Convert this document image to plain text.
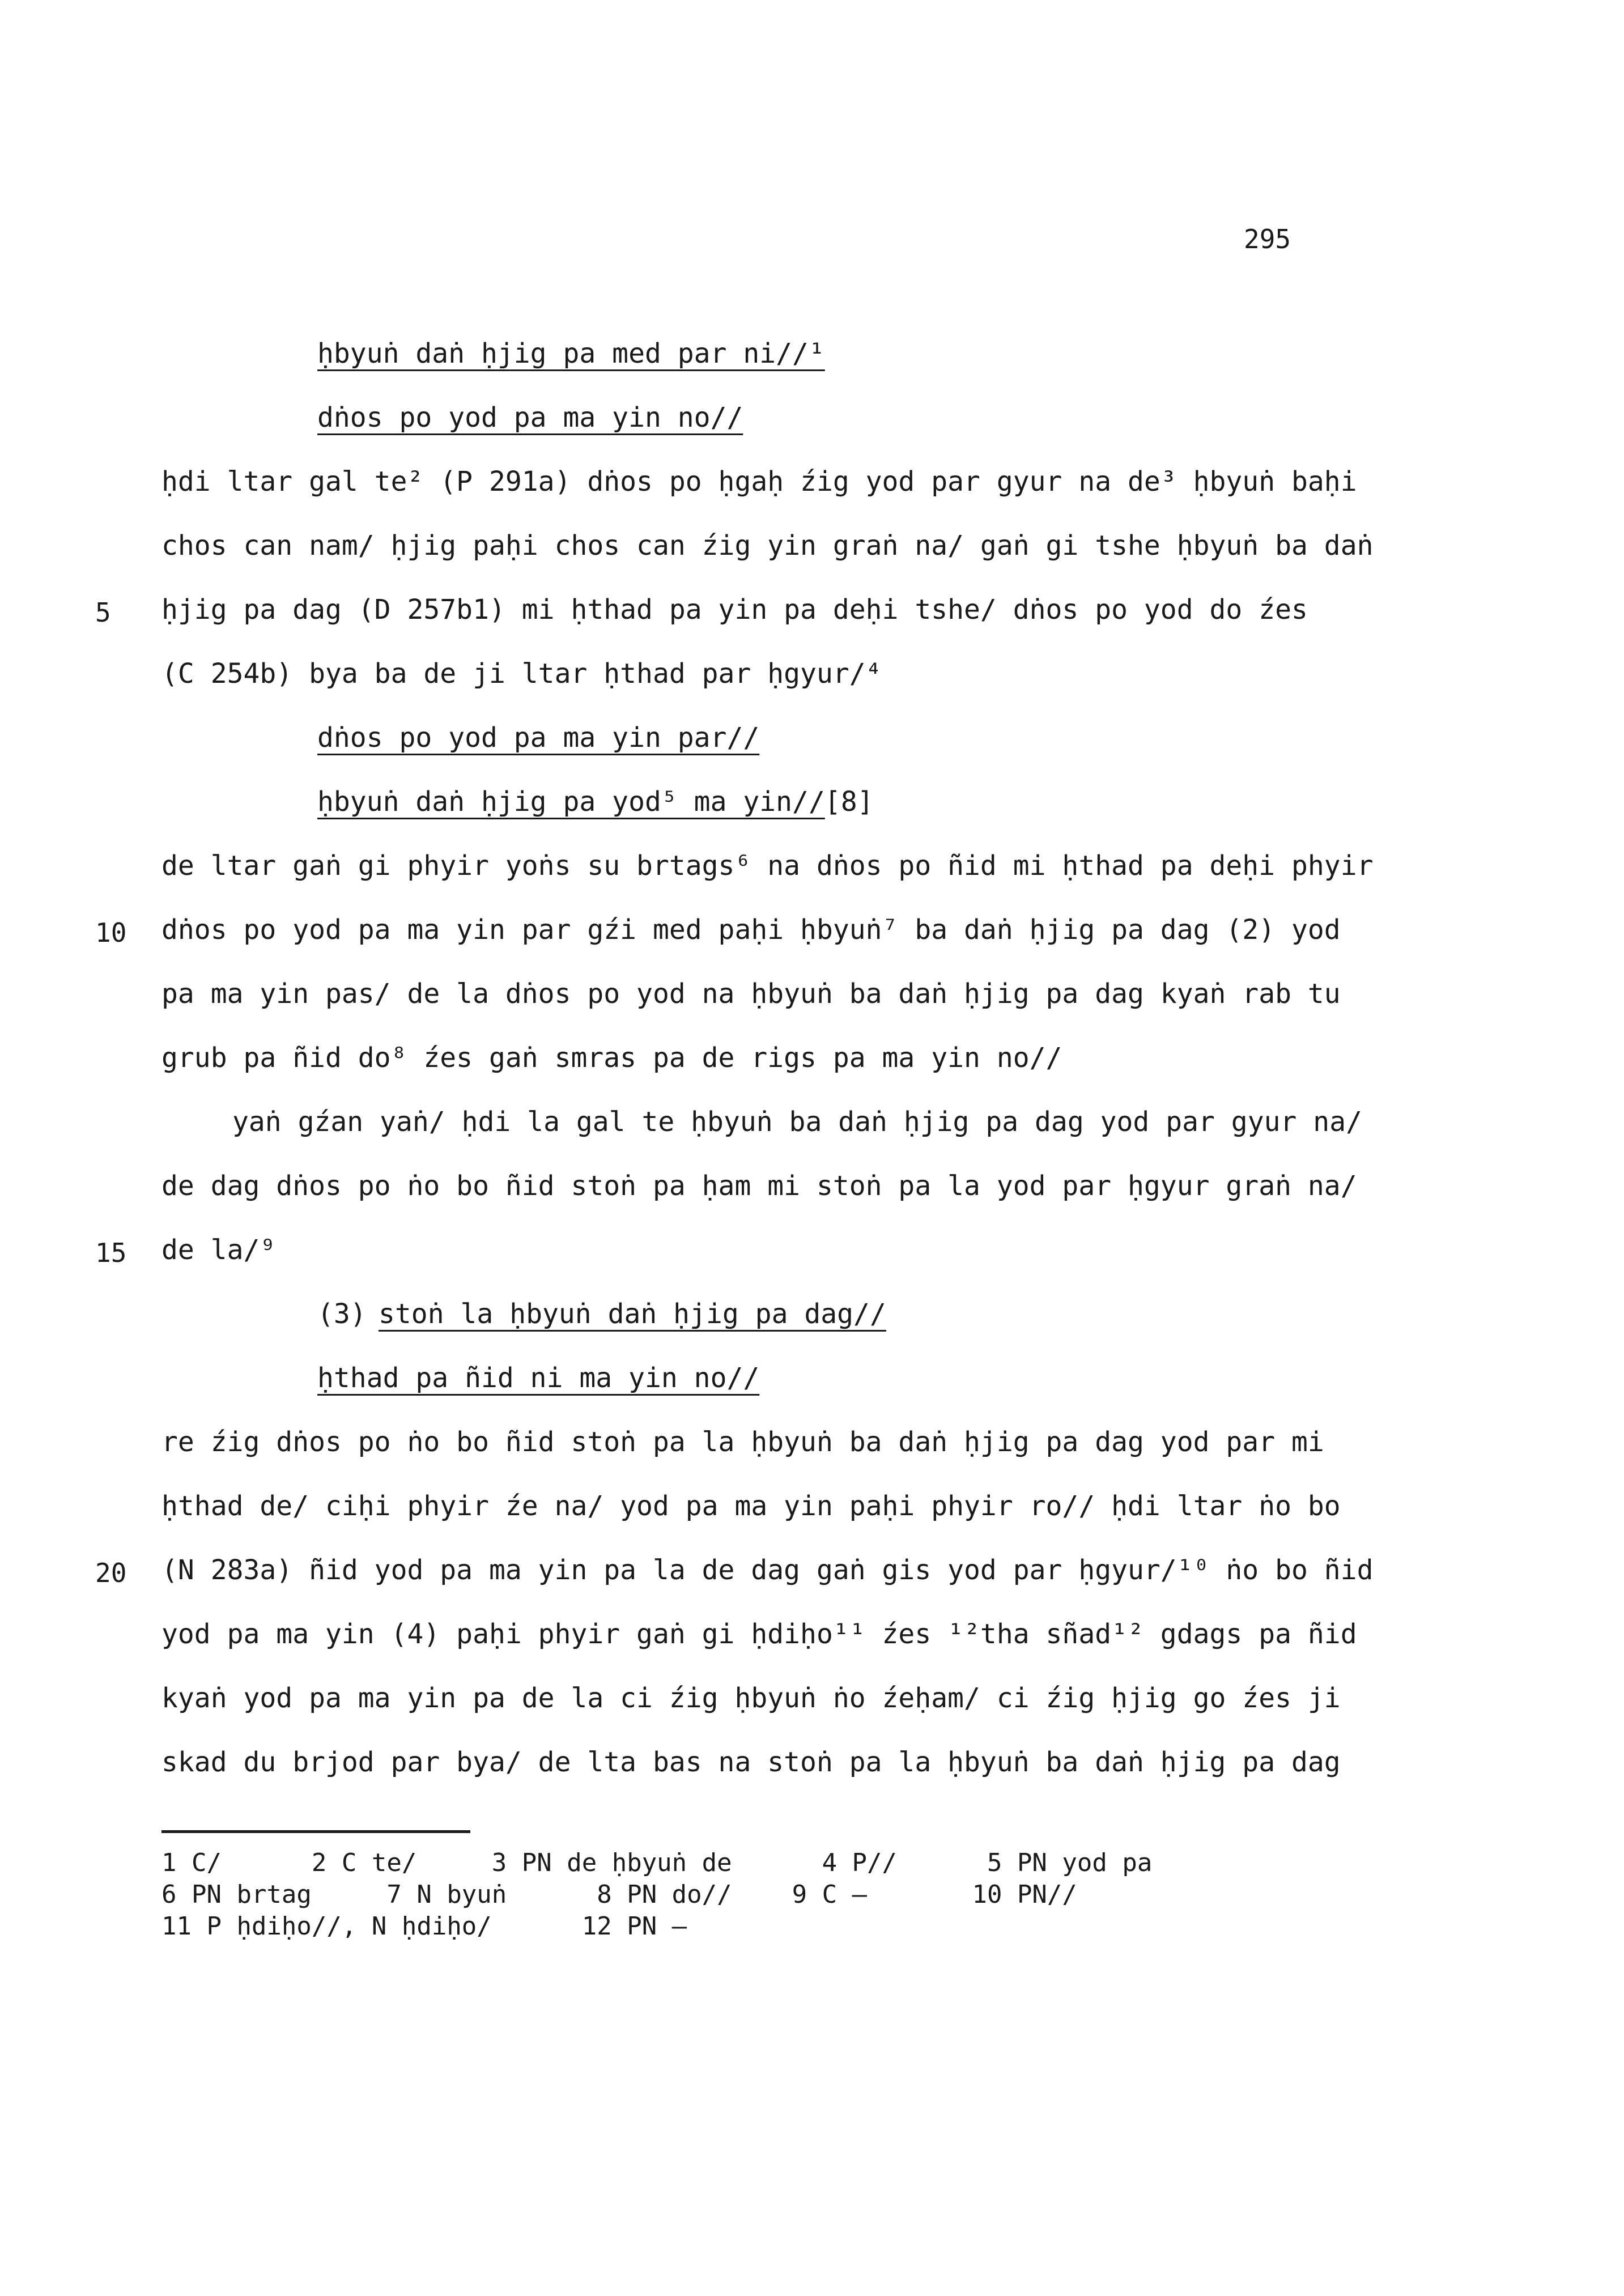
295
ḥbyuṅ daṅ ḥjig pa med par ni//¹
dṅos po yod pa ma yin no//
ḥdi ltar gal te² (P 291a) dṅos po ḥgaḥ źig yod par gyur na de³ ḥbyuṅ baḥi
chos can nam/ ḥjig paḥi chos can źig yin graṅ na/ gaṅ gi tshe ḥbyuṅ ba daṅ
5 ḥjig pa dag (D 257b1) mi ḥthad pa yin pa deḥi tshe/ dṅos po yod do źes
(C 254b) bya ba de ji ltar ḥthad par ḥgyur/⁴
dṅos po yod pa ma yin par//
ḥbyuṅ daṅ ḥjig pa yod⁵ ma yin// [8]
de ltar gaṅ gi phyir yoṅs su brtags⁶ na dṅos po ñid mi ḥthad pa deḥi phyir
10 dṅos po yod pa ma yin par gźi med paḥi ḥbyuṅ⁷ ba daṅ ḥjig pa dag (2) yod
pa ma yin pas/ de la dṅos po yod na ḥbyuṅ ba daṅ ḥjig pa dag kyaṅ rab tu
grub pa ñid do⁸ źes gaṅ smras pa de rigs pa ma yin no//
yaṅ gźan yaṅ/ ḥdi la gal te ḥbyuṅ ba daṅ ḥjig pa dag yod par gyur na/
de dag dṅos po ṅo bo ñid stoṅ pa ḥam mi stoṅ pa la yod par ḥgyur graṅ na/
15 de la/⁹
(3)
stoṅ la ḥbyuṅ daṅ ḥjig pa dag//
ḥthad pa ñid ni ma yin no//
re źig dṅos po ṅo bo ñid stoṅ pa la ḥbyuṅ ba daṅ ḥjig pa dag yod par mi
ḥthad de/ ciḥi phyir źe na/ yod pa ma yin paḥi phyir ro// ḥdi ltar ṅo bo
20 (N 283a) ñid yod pa ma yin pa la de dag gaṅ gis yod par ḥgyur/¹⁰ ṅo bo ñid
yod pa ma yin (4) paḥi phyir gaṅ gi ḥdiḥo¹¹ źes ¹²tha sñad¹² gdags pa ñid
kyaṅ yod pa ma yin pa de la ci źig ḥbyuṅ ṅo źeḥam/ ci źig ḥjig go źes ji
skad du brjod par bya/ de lta bas na stoṅ pa la ḥbyuṅ ba daṅ ḥjig pa dag
1 C/      2 C te/     3 PN de ḥbyuṅ de      4 P//      5 PN yod pa
6 PN brtag     7 N byuṅ      8 PN do//    9 C —       10 PN//
11 P ḥdiḥo//, N ḥdiḥo/      12 PN —
